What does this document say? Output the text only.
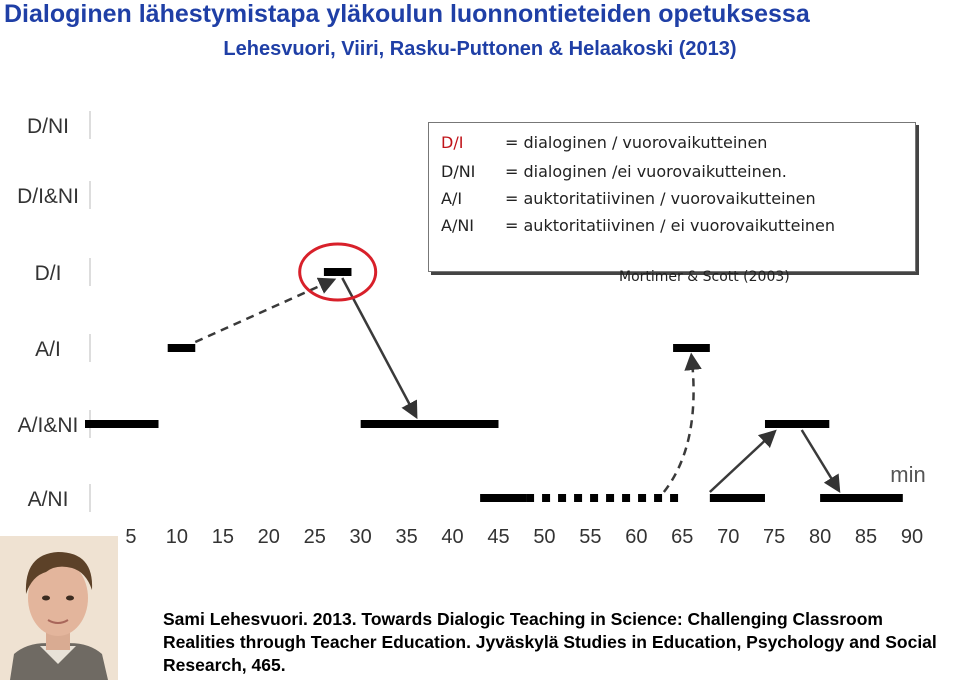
Dialoginen lähestymistapa yläkoulun luonnontieteiden opetuksessa
Lehesvuori, Viiri, Rasku-Puttonen & Helaakoski (2013)
D/NI
D/I&NI
D/I
A/I
A/I&NI
A/NI
5 10 15 20 25 30 35 40 45 50 55 60 65 70 75 80 85 90
min
D/I	= dialoginen / vuorovaikutteinen
D/NI = dialoginen /ei vuorovaikutteinen.
A/I	= auktoritatiivinen / vuorovaikutteinen
A/NI = auktoritatiivinen / ei vuorovaikutteinen
Mortimer & Scott (2003)
Sami Lehesvuori. 2013. Towards Dialogic Teaching in Science: Challenging Classroom Realities through Teacher Education. Jyväskylä Studies in Education, Psychology and Social Research, 465.
